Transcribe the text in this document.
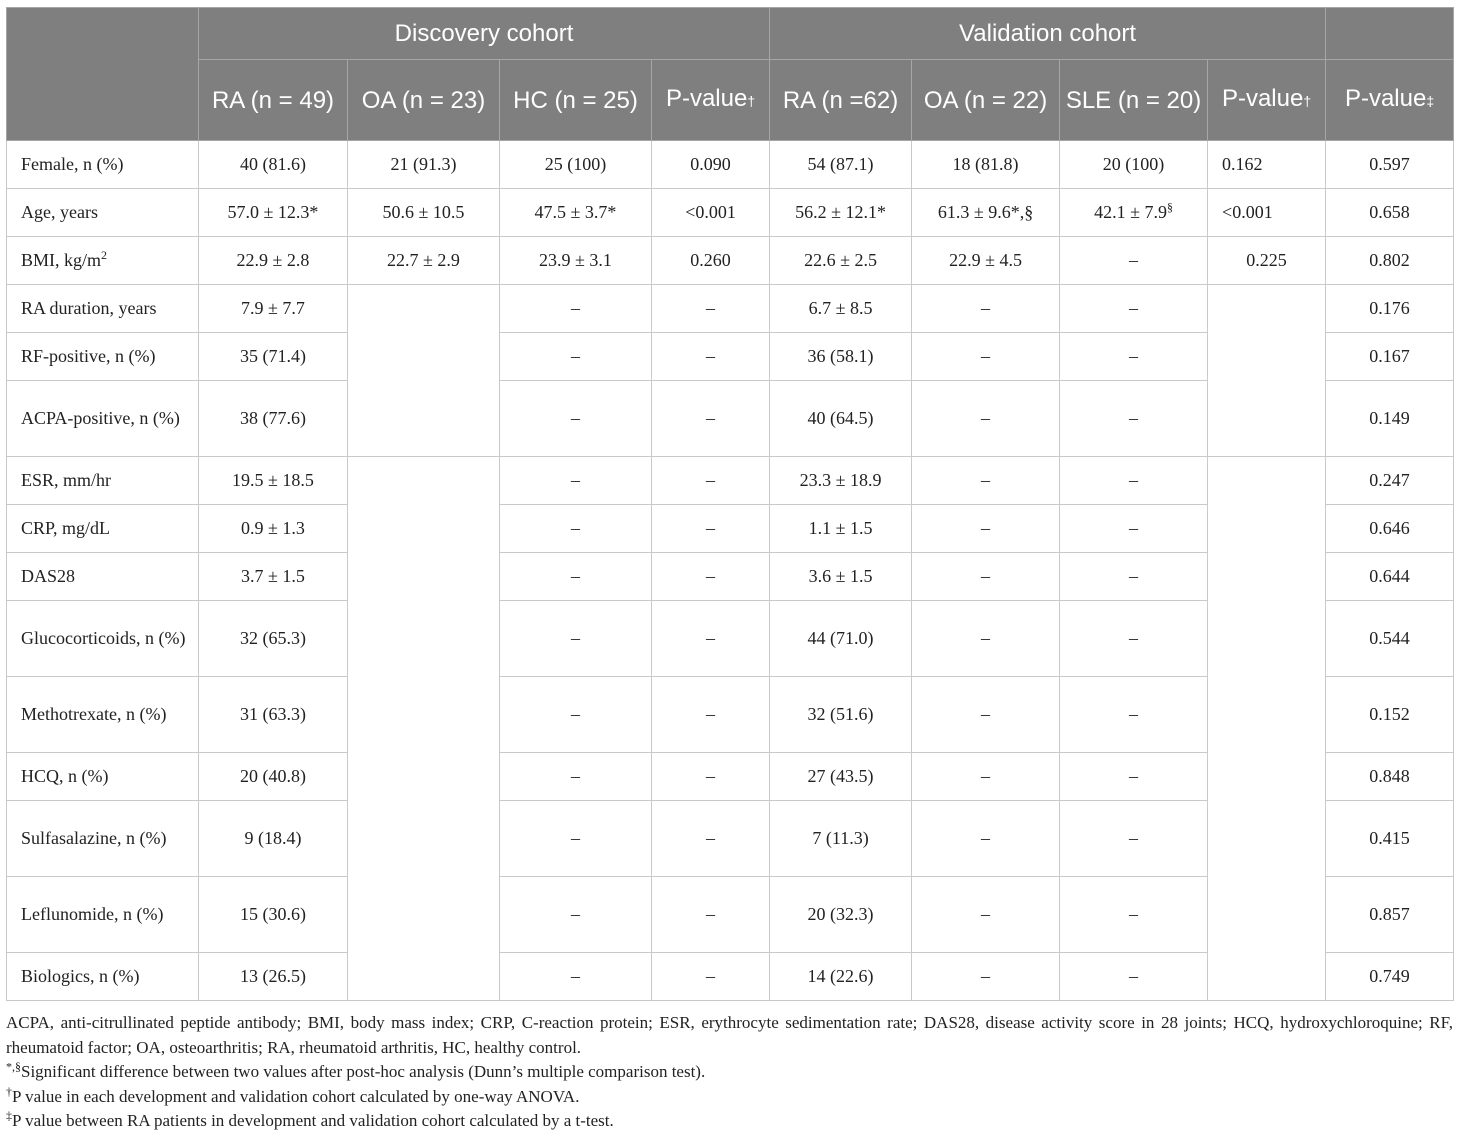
	Discovery cohort				Validation cohort				
	RA (n = 49)	OA (n = 23)	HC (n = 25)	P-value†	RA (n =62)	OA (n = 22)	SLE (n = 20)	P-value†	P-value‡
Female, n (%)	40 (81.6)	21 (91.3)	25 (100)	0.090	54 (87.1)	18 (81.8)	20 (100)	0.162	0.597
Age, years	57.0 ± 12.3*	50.6 ± 10.5	47.5 ± 3.7*	<0.001	56.2 ± 12.1*	61.3 ± 9.6*,§	42.1 ± 7.9§	<0.001	0.658
BMI, $kg/m^2$	22.9 ± 2.8	22.7 ± 2.9	23.9 ± 3.1	0.260	22.6 ± 2.5	22.9 ± 4.5	–	0.225	0.802
RA duration, years	7.9 ± 7.7		–	–	6.7 ± 8.5	–	–		0.176
RF-positive, n (%)	35 (71.4)		–	–	36 (58.1)	–	–		0.167
ACPA-positive, n (%)	38 (77.6)		–	–	40 (64.5)	–	–		0.149
ESR, mm/hr	19.5 ± 18.5		–	–	23.3 ± 18.9	–	–		0.247
CRP, mg/dL	0.9 ± 1.3		–	–	1.1 ± 1.5	–	–		0.646
DAS28	3.7 ± 1.5		–	–	3.6 ± 1.5	–	–		0.644
Glucocorticoids, n (%)	32 (65.3)		–	–	44 (71.0)	–	–		0.544
Methotrexate, n (%)	31 (63.3)		–	–	32 (51.6)	–	–		0.152
HCQ, n (%)	20 (40.8)		–	–	27 (43.5)	–	–		0.848
Sulfasalazine, n (%)	9 (18.4)		–	–	7 (11.3)	–	–		0.415
Leflunomide, n (%)	15 (30.6)		–	–	20 (32.3)	–	–		0.857
Biologics, n (%)	13 (26.5)		–	–	14 (22.6)	–	–		0.749

ACPA, anti-citrullinated peptide antibody; BMI, body mass index; CRP, C-reaction protein; ESR, erythrocyte sedimentation rate; DAS28, disease activity score in 28 joints; HCQ, hydroxychloroquine; RF, rheumatoid factor; OA, osteoarthritis; RA, rheumatoid arthritis, HC, healthy control.

*,§Significant difference between two values after post-hoc analysis (Dunn’s multiple comparison test).

†P value in each development and validation cohort calculated by one-way ANOVA.

‡P value between RA patients in development and validation cohort calculated by a t-test.
